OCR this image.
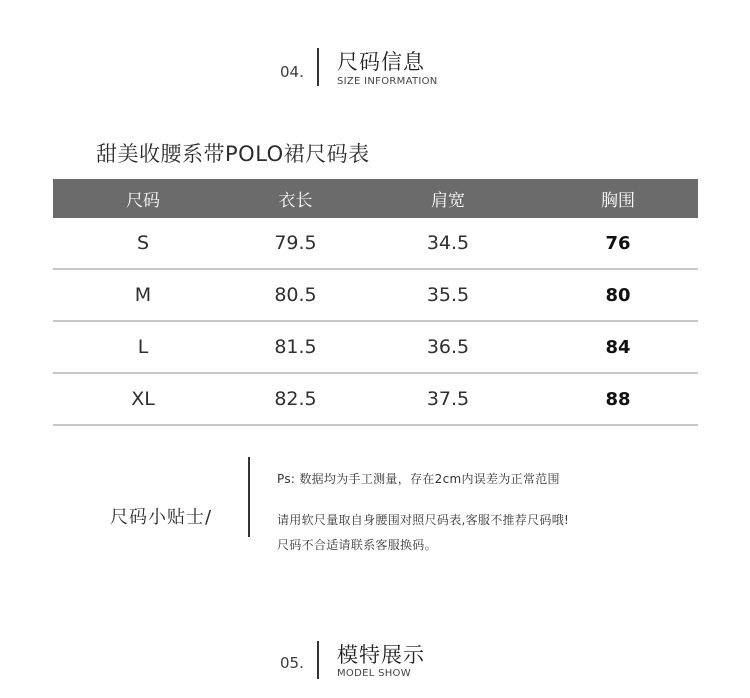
04. 尺码信息
SIZE INFORMATION
甜美收腰系带POLO裙尺码表
尺码	衣长	肩宽	胸围
S	79.5	34.5	76
M	80.5	35.5	80
L	81.5	36.5	84
XL	82.5	37.5	88
尺码小贴士/
Ps: 数据均为手工测量，存在2cm内误差为正常范围
请用软尺量取自身腰围对照尺码表,客服不推荐尺码哦!
尺码不合适请联系客服换码。
05. 模特展示
MODEL SHOW
